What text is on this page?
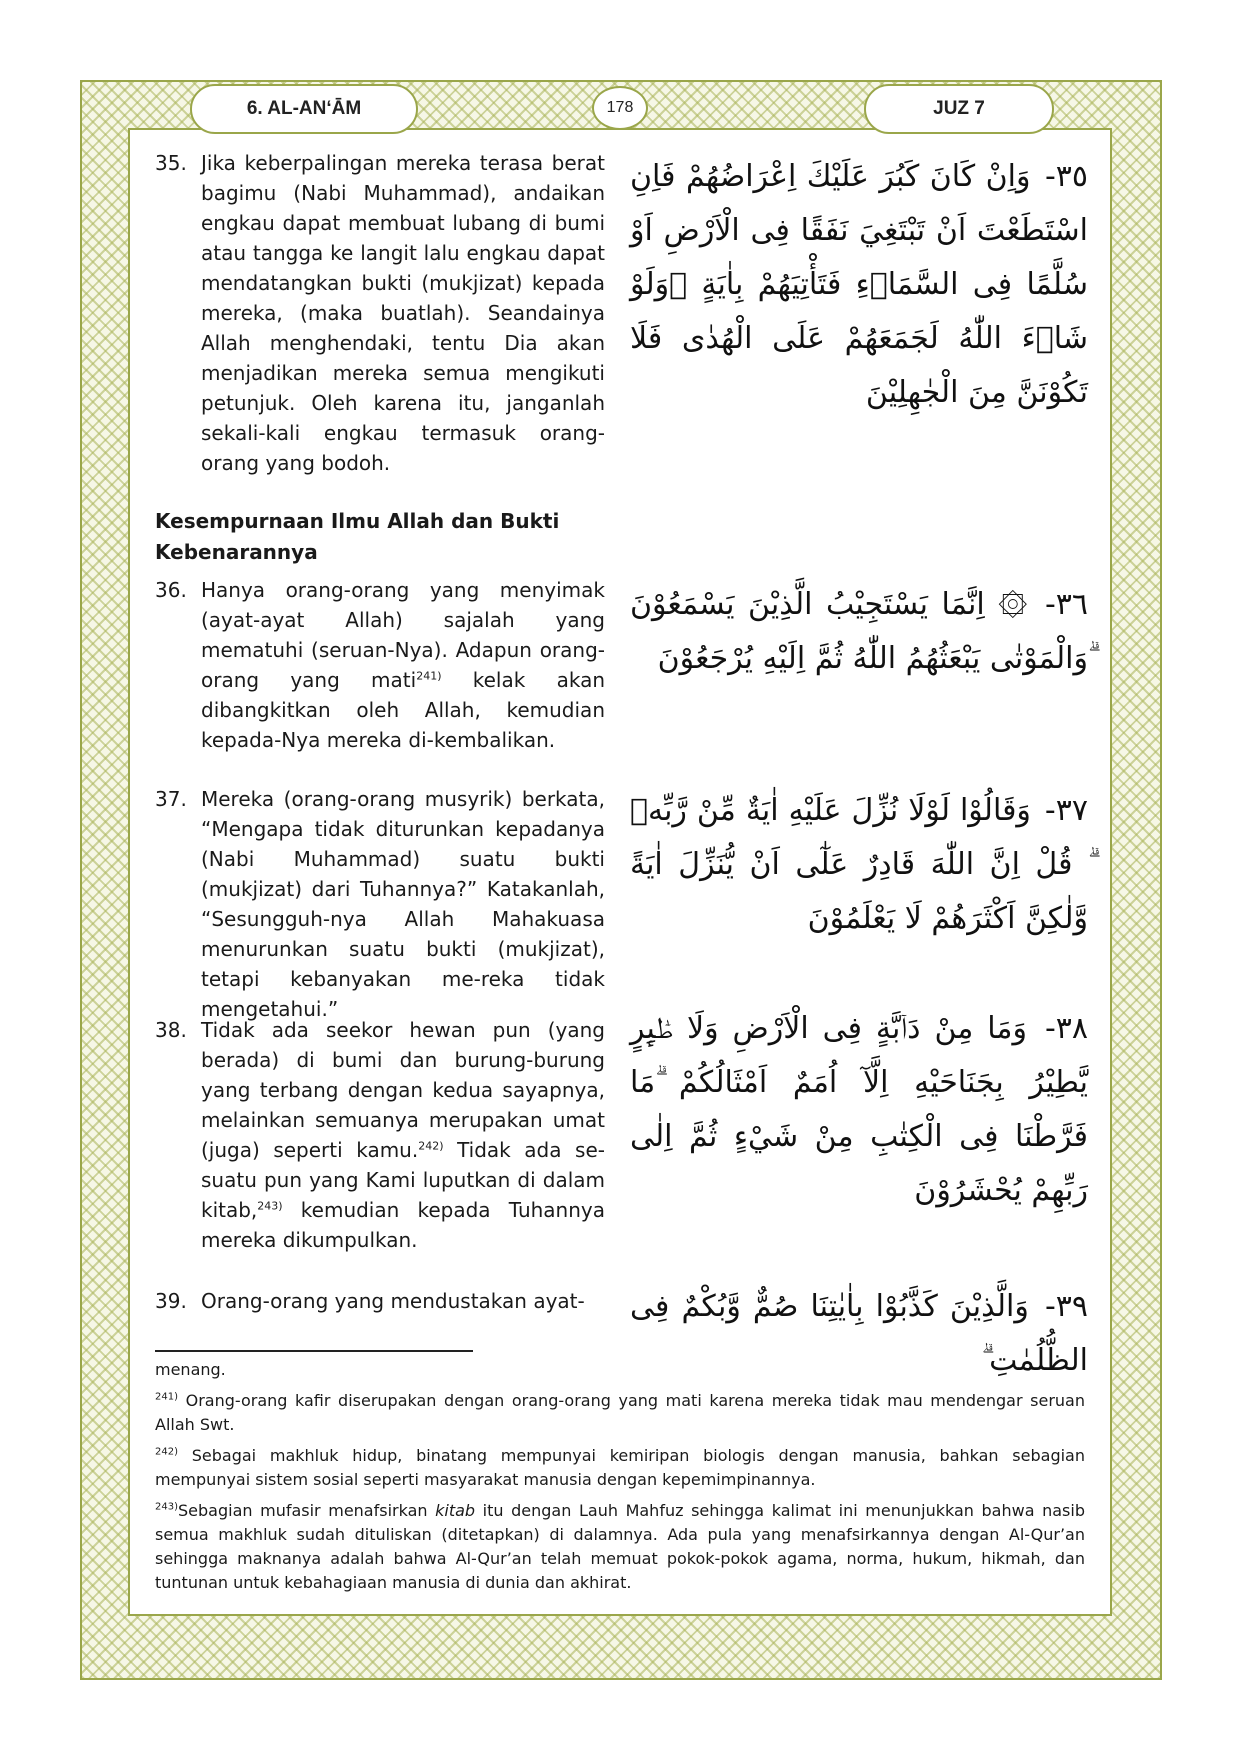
6. AL-AN‘ĀM	178	JUZ 7
35. Jika keberpalingan mereka terasa berat bagimu (Nabi Muhammad), andaikan engkau dapat membuat lubang di bumi atau tangga ke langit lalu engkau dapat mendatangkan bukti (mukjizat) kepada mereka, (maka buatlah). Seandainya Allah menghendaki, tentu Dia akan menjadikan mereka semua mengikuti petunjuk. Oleh karena itu, janganlah sekali-kali engkau termasuk orang-orang yang bodoh.
٣٥- وَاِنْ كَانَ كَبُرَ عَلَيْكَ اِعْرَاضُهُمْ فَاِنِ اسْتَطَعْتَ اَنْ تَبْتَغِيَ نَفَقًا فِى الْاَرْضِ اَوْ سُلَّمًا فِى السَّمَاۤءِ فَتَأْتِيَهُمْ بِاٰيَةٍ ۗوَلَوْ شَاۤءَ اللّٰهُ لَجَمَعَهُمْ عَلَى الْهُدٰى فَلَا تَكُوْنَنَّ مِنَ الْجٰهِلِيْنَ
Kesempurnaan Ilmu Allah dan Bukti Kebenarannya
36. Hanya orang-orang yang menyimak (ayat-ayat Allah) sajalah yang mematuhi (seruan-Nya). Adapun orang-orang yang mati$^{241)}$ kelak akan dibangkitkan oleh Allah, kemudian kepada-Nya mereka di-kembalikan.
٣٦- ۞ اِنَّمَا يَسْتَجِيْبُ الَّذِيْنَ يَسْمَعُوْنَ ۗوَالْمَوْتٰى يَبْعَثُهُمُ اللّٰهُ ثُمَّ اِلَيْهِ يُرْجَعُوْنَ
37. Mereka (orang-orang musyrik) berkata, “Mengapa tidak diturunkan kepadanya (Nabi Muhammad) suatu bukti (mukjizat) dari Tuhannya?” Katakanlah, “Sesungguh-nya Allah Mahakuasa menurunkan suatu bukti (mukjizat), tetapi kebanyakan me-reka tidak mengetahui.”
٣٧- وَقَالُوْا لَوْلَا نُزِّلَ عَلَيْهِ اٰيَةٌ مِّنْ رَّبِّهٖ ۗ قُلْ اِنَّ اللّٰهَ قَادِرٌ عَلٰٓى اَنْ يُّنَزِّلَ اٰيَةً وَّلٰكِنَّ اَكْثَرَهُمْ لَا يَعْلَمُوْنَ
38. Tidak ada seekor hewan pun (yang berada) di bumi dan burung-burung yang terbang dengan kedua sayapnya, melainkan semuanya merupakan umat (juga) seperti kamu.$^{242)}$ Tidak ada se-suatu pun yang Kami luputkan di dalam kitab,$^{243)}$ kemudian kepada Tuhannya mereka dikumpulkan.
٣٨- وَمَا مِنْ دَاۤبَّةٍ فِى الْاَرْضِ وَلَا طٰۤىِٕرٍ يَّطِيْرُ بِجَنَاحَيْهِ اِلَّآ اُمَمٌ اَمْثَالُكُمْ ۗمَا فَرَّطْنَا فِى الْكِتٰبِ مِنْ شَيْءٍ ثُمَّ اِلٰى رَبِّهِمْ يُحْشَرُوْنَ
39. Orang-orang yang mendustakan ayat-	٣٩- وَالَّذِيْنَ كَذَّبُوْا بِاٰيٰتِنَا صُمٌّ وَّبُكْمٌ فِى الظُّلُمٰتِ ۗ

menang.

$^{241)}$ Orang-orang kafir diserupakan dengan orang-orang yang mati karena mereka tidak mau mendengar seruan Allah Swt.

$^{242)}$ Sebagai makhluk hidup, binatang mempunyai kemiripan biologis dengan manusia, bahkan sebagian mempunyai sistem sosial seperti masyarakat manusia dengan kepemimpinannya.

$^{243)}$Sebagian mufasir menafsirkan kitab itu dengan Lauh Mahfuz sehingga kalimat ini menunjukkan bahwa nasib semua makhluk sudah dituliskan (ditetapkan) di dalamnya. Ada pula yang menafsirkannya dengan Al-Qur’an sehingga maknanya adalah bahwa Al-Qur’an telah memuat pokok-pokok agama, norma, hukum, hikmah, dan tuntunan untuk kebahagiaan manusia di dunia dan akhirat.
